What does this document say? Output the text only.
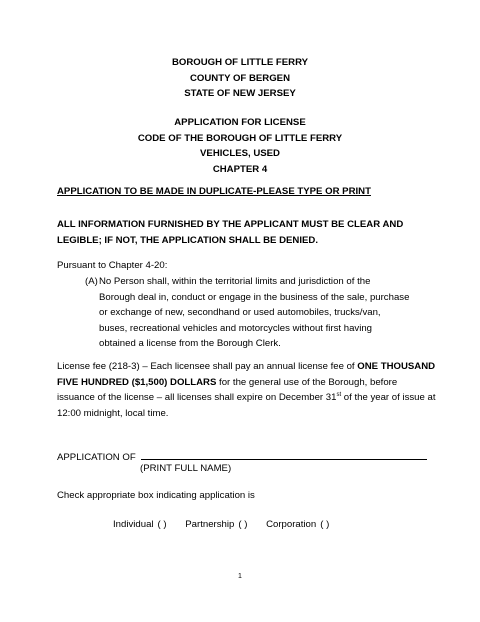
BOROUGH OF LITTLE FERRY
COUNTY OF BERGEN
STATE OF NEW JERSEY
APPLICATION FOR LICENSE
CODE OF THE BOROUGH OF LITTLE FERRY
VEHICLES, USED
CHAPTER 4
APPLICATION TO BE MADE IN DUPLICATE-PLEASE TYPE OR PRINT
ALL INFORMATION FURNISHED BY THE APPLICANT MUST BE CLEAR AND LEGIBLE; IF NOT, THE APPLICATION SHALL BE DENIED.
Pursuant to Chapter 4-20:
(A) No Person shall, within the territorial limits and jurisdiction of the
Borough deal in, conduct or engage in the business of the sale, purchase
or exchange of new, secondhand or used automobiles, trucks/van,
buses, recreational vehicles and motorcycles without first having
obtained a license from the Borough Clerk.
License fee (218-3) – Each licensee shall pay an annual license fee of ONE THOUSAND FIVE HUNDRED ($1,500) DOLLARS for the general use of the Borough, before issuance of the license – all licenses shall expire on December 31st of the year of issue at 12:00 midnight, local time.
APPLICATION OF
(PRINT FULL NAME)
Check appropriate box indicating application is
Individual ( ) Partnership ( ) Corporation ( )
1
